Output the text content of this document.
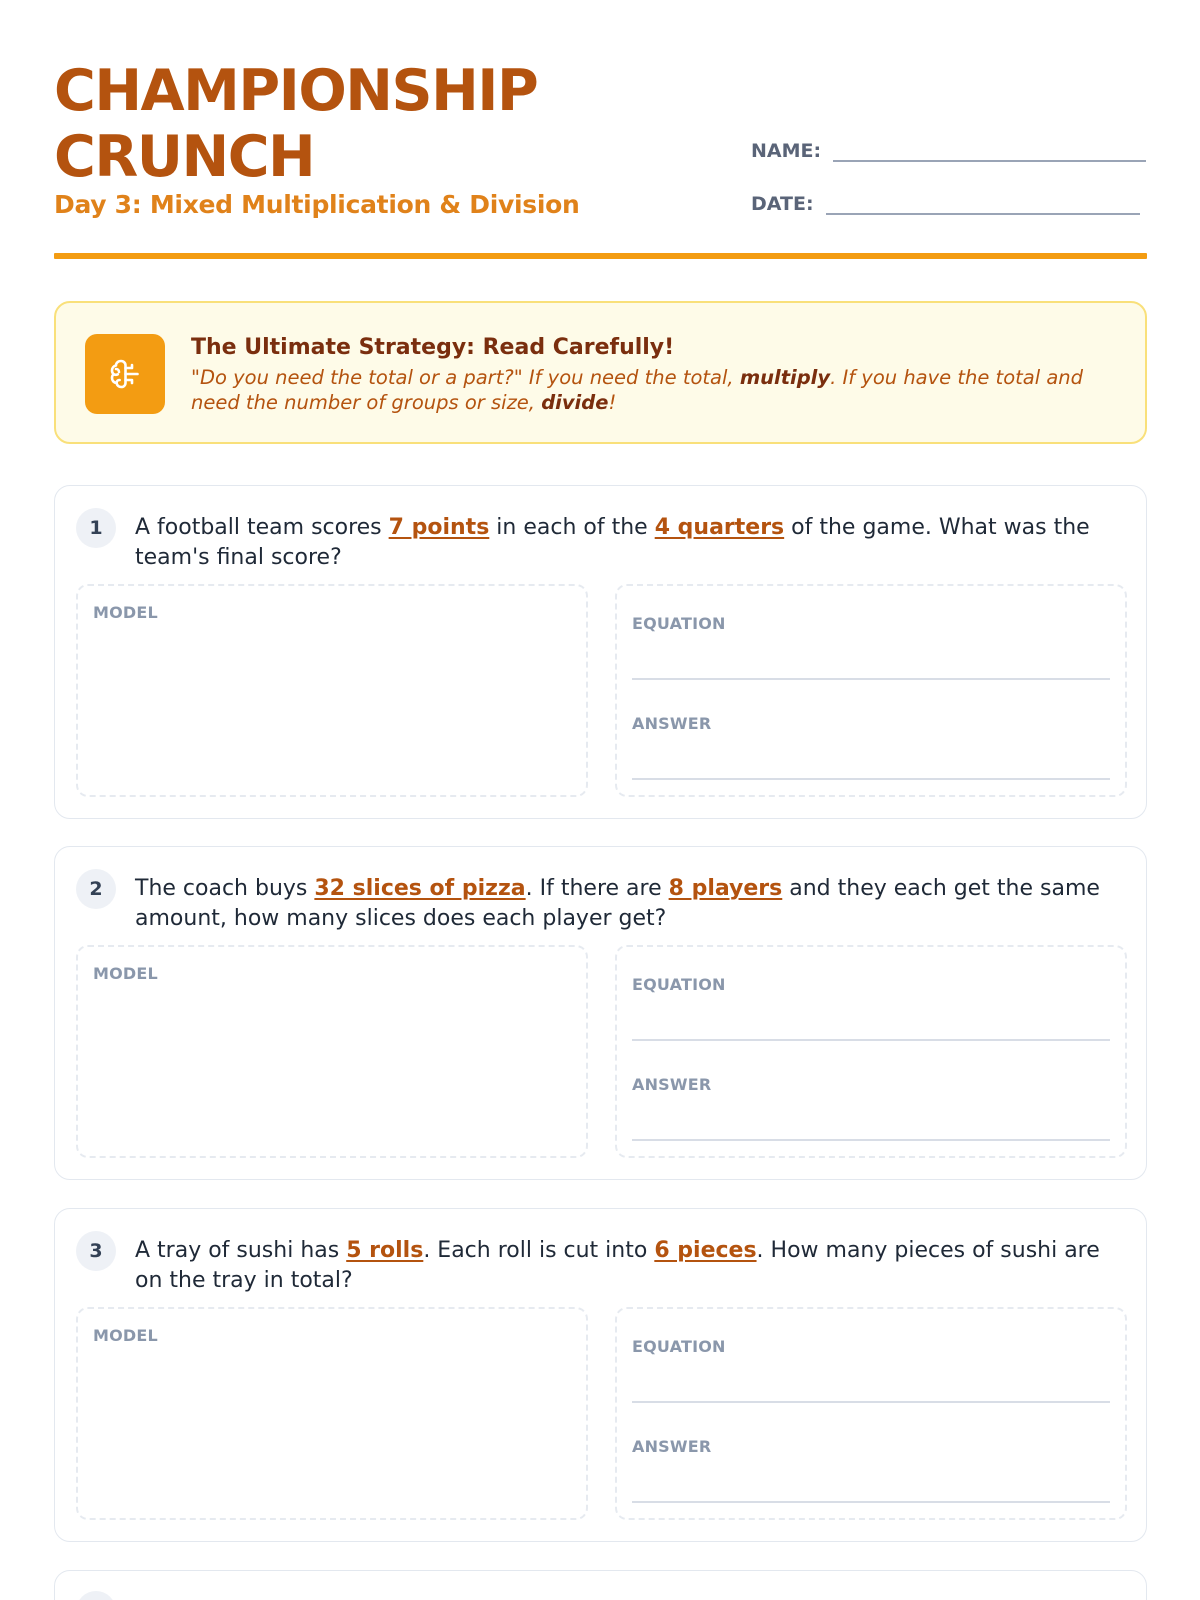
CHAMPIONSHIP
CRUNCH
Day 3: Mixed Multiplication & Division
NAME:
DATE:
The Ultimate Strategy: Read Carefully!
"Do you need the total or a part?" If you need the total, multiply. If you have the total and need the number of groups or size, divide!
1	A football team scores 7 points in each of the 4 quarters of the game. What was the team's final score?
MODEL
EQUATION
ANSWER
2	The coach buys 32 slices of pizza. If there are 8 players and they each get the same amount, how many slices does each player get?
MODEL
EQUATION
ANSWER
3	A tray of sushi has 5 rolls. Each roll is cut into 6 pieces. How many pieces of sushi are on the tray in total?
MODEL
EQUATION
ANSWER
